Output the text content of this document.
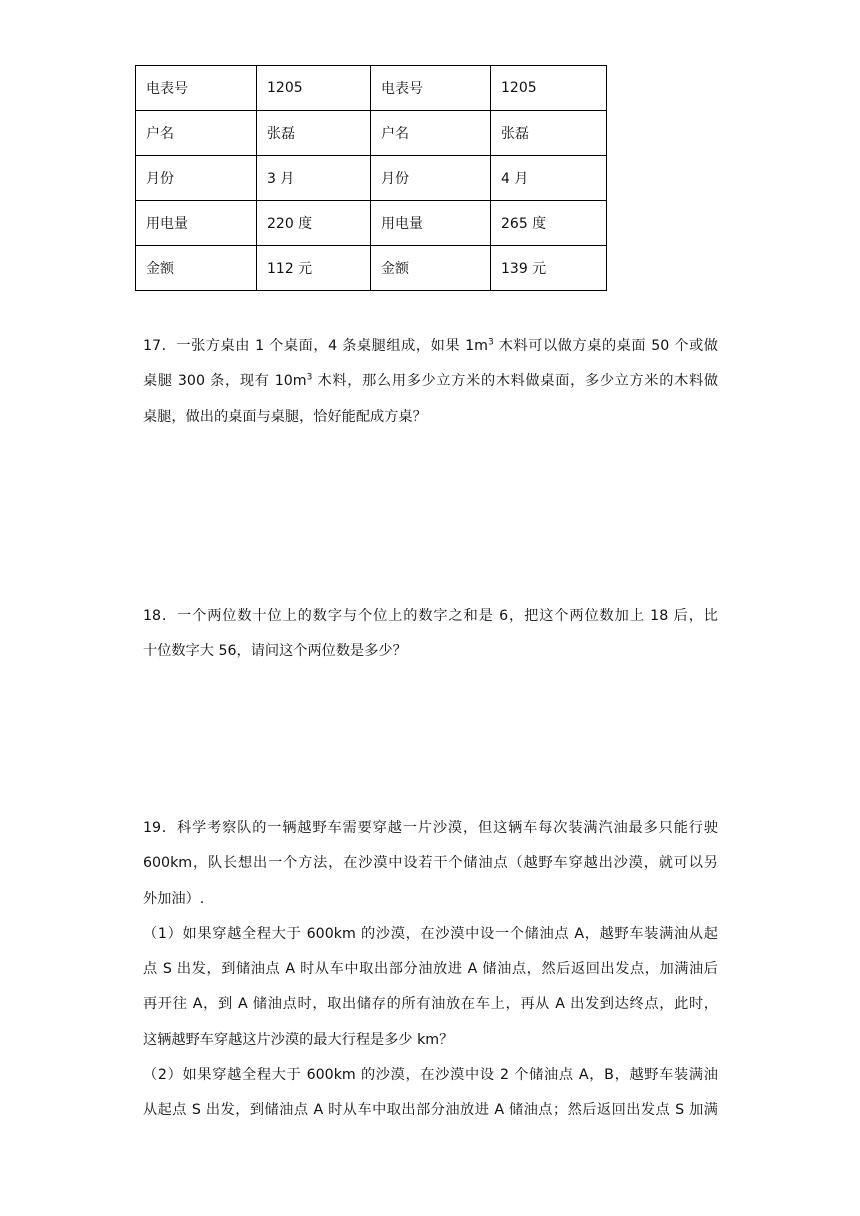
电表号	1205	电表号	1205
户名	张磊	户名	张磊
月份	3 月	月份	4 月
用电量	220 度	用电量	265 度
金额	112 元	金额	139 元
17．一张方桌由 1 个桌面，4 条桌腿组成，如果 $1m^3$ 木料可以做方桌的桌面 50 个或做
桌腿 300 条，现有 $10m^3$ 木料，那么用多少立方米的木料做桌面，多少立方米的木料做
桌腿，做出的桌面与桌腿，恰好能配成方桌？
18．一个两位数十位上的数字与个位上的数字之和是 6，把这个两位数加上 18 后，比
十位数字大 56，请问这个两位数是多少？
19．科学考察队的一辆越野车需要穿越一片沙漠，但这辆车每次装满汽油最多只能行驶
600km，队长想出一个方法，在沙漠中设若干个储油点（越野车穿越出沙漠，就可以另
外加油）.
（1）如果穿越全程大于 600km 的沙漠，在沙漠中设一个储油点 A，越野车装满油从起
点 S 出发，到储油点 A 时从车中取出部分油放进 A 储油点，然后返回出发点，加满油后
再开往 A，到 A 储油点时，取出储存的所有油放在车上，再从 A 出发到达终点，此时，
这辆越野车穿越这片沙漠的最大行程是多少 km？
（2）如果穿越全程大于 600km 的沙漠，在沙漠中设 2 个储油点 A，B，越野车装满油
从起点 S 出发，到储油点 A 时从车中取出部分油放进 A 储油点；然后返回出发点 S 加满
